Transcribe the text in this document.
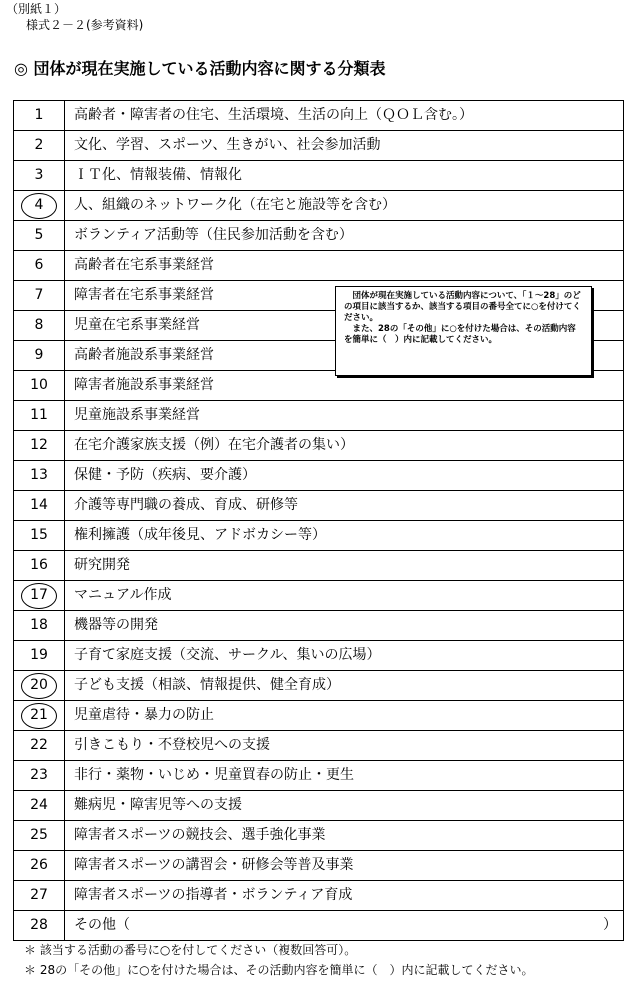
（別紙１）
様式２－２(参考資料)
◎ 団体が現在実施している活動内容に関する分類表
1	高齢者・障害者の住宅、生活環境、生活の向上（ＱＯＬ含む。）
2	文化、学習、スポーツ、生きがい、社会参加活動
3	ＩＴ化、情報装備、情報化
4	人、組織のネットワーク化（在宅と施設等を含む）
5	ボランティア活動等（住民参加活動を含む）
6	高齢者在宅系事業経営
7	障害者在宅系事業経営
8	児童在宅系事業経営
9	高齢者施設系事業経営
10	障害者施設系事業経営
11	児童施設系事業経営
12	在宅介護家族支援（例）在宅介護者の集い）
13	保健・予防（疾病、要介護）
14	介護等専門職の養成、育成、研修等
15	権利擁護（成年後見、アドボカシー等）
16	研究開発
17	マニュアル作成
18	機器等の開発
19	子育て家庭支援（交流、サークル、集いの広場）
20	子ども支援（相談、情報提供、健全育成）
21	児童虐待・暴力の防止
22	引きこもり・不登校児への支援
23	非行・薬物・いじめ・児童買春の防止・更生
24	難病児・障害児等への支援
25	障害者スポーツの競技会、選手強化事業
26	障害者スポーツの講習会・研修会等普及事業
27	障害者スポーツの指導者・ボランティア育成
28	その他（ ）

団体が現在実施している活動内容について、「１～28」のどの項目に該当するか、該当する項目の番号全てに○を付けてください。

また、28の「その他」に○を付けた場合は、その活動内容を簡単に（　）内に記載してください。

＊ 該当する活動の番号に○を付してください（複数回答可）。
＊ 28の「その他」に○を付けた場合は、その活動内容を簡単に（　）内に記載してください。
